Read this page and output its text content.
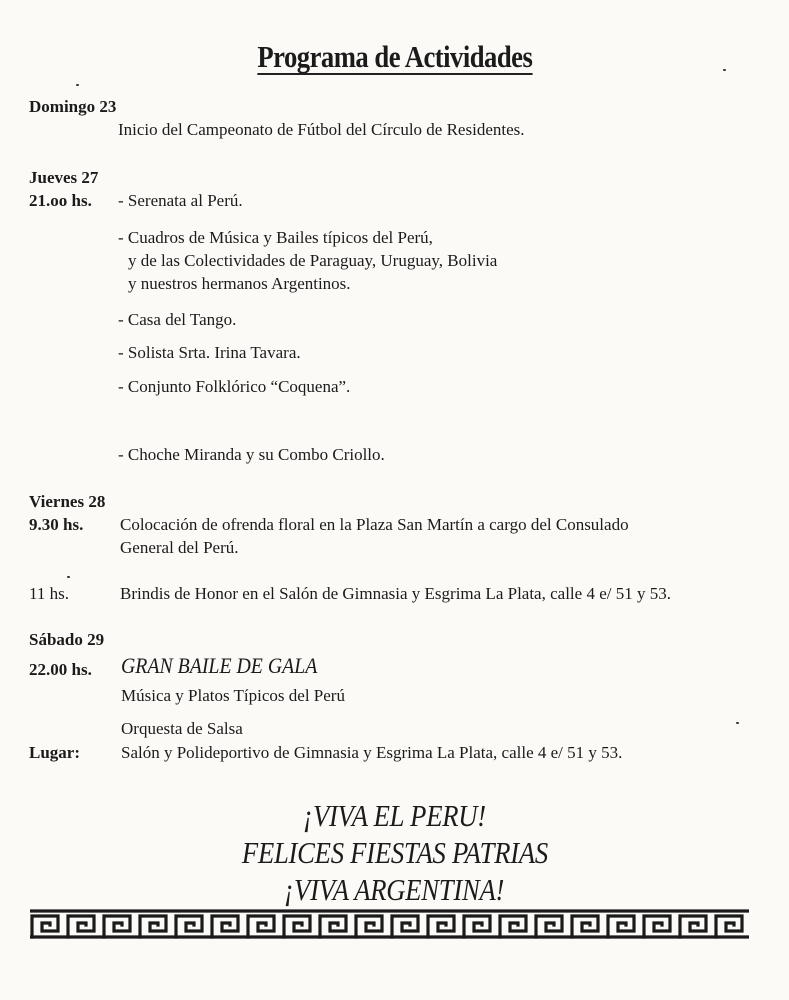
Programa de Actividades
Domingo 23
Inicio del Campeonato de Fútbol del Círculo de Residentes.
Jueves 27
21.oo hs. - Serenata al Perú.
- Cuadros de Música y Bailes típicos del Perú,
y de las Colectividades de Paraguay, Uruguay, Bolivia
y nuestros hermanos Argentinos.
- Casa del Tango.
- Solista Srta. Irina Tavara.
- Conjunto Folklórico “Coquena”.
- Choche Miranda y su Combo Criollo.
Viernes 28
9.30 hs. Colocación de ofrenda floral en la Plaza San Martín a cargo del Consulado
General del Perú.
11 hs.	Brindis de Honor en el Salón de Gimnasia y Esgrima La Plata, calle 4 e/ 51 y 53.
Sábado 29
22.00 hs. GRAN BAILE DE GALA
Música y Platos Típicos del Perú
Orquesta de Salsa
Lugar: Salón y Polideportivo de Gimnasia y Esgrima La Plata, calle 4 e/ 51 y 53.
¡VIVA EL PERU!
FELICES FIESTAS PATRIAS
¡VIVA ARGENTINA!
